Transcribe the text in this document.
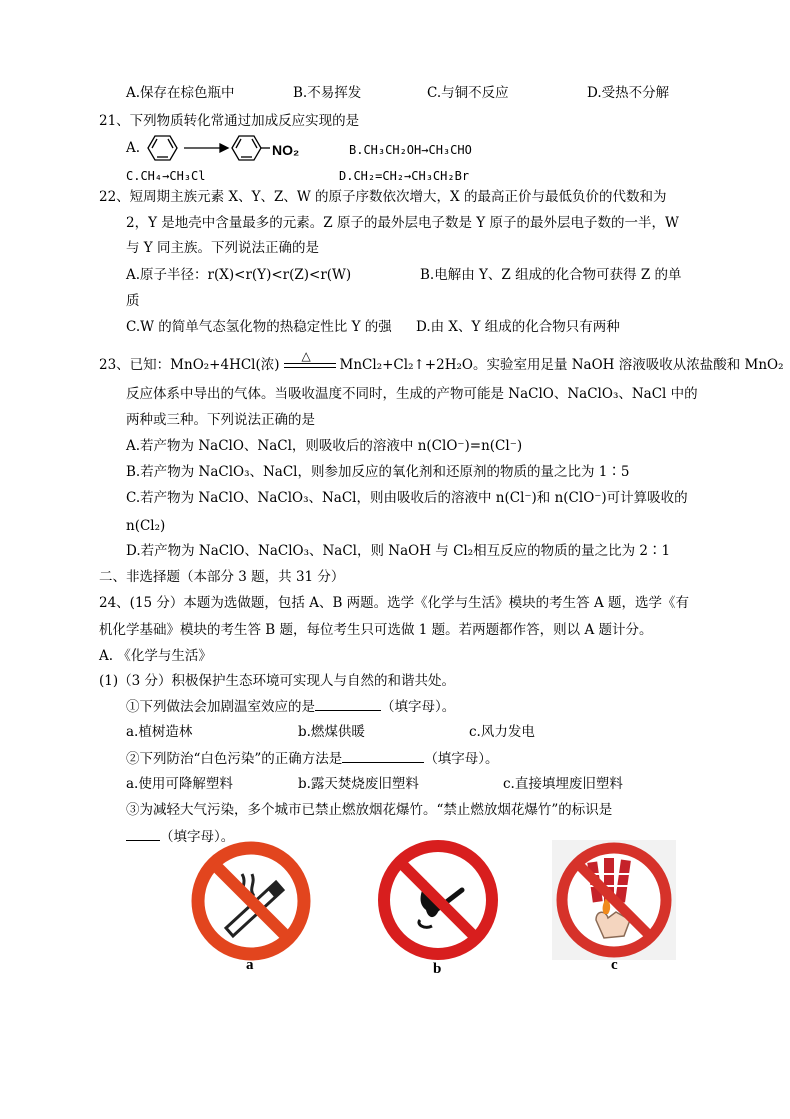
A.保存在棕色瓶中	B.不易挥发	C.与铜不反应	D.受热不分解
21、下列物质转化常通过加成反应实现的是
A.	NO₂	B.CH₃CH₂OH→CH₃CHO
C.CH₄→CH₃Cl	D.CH₂=CH₂→CH₃CH₂Br
22、短周期主族元素 X、Y、Z、W 的原子序数依次增大，X 的最高正价与最低负价的代数和为
2，Y 是地壳中含量最多的元素。Z 原子的最外层电子数是 Y 原子的最外层电子数的一半，W
与 Y 同主族。下列说法正确的是
A.原子半径：r(X)<r(Y)<r(Z)<r(W)	B.电解由 Y、Z 组成的化合物可获得 Z 的单
质
C.W 的简单气态氢化物的热稳定性比 Y 的强 D.由 X、Y 组成的化合物只有两种
23、已知：MnO₂+4HCl(浓)
△
MnCl₂+Cl₂↑+2H₂O。实验室用足量 NaOH 溶液吸收从浓盐酸和 MnO₂
反应体系中导出的气体。当吸收温度不同时，生成的产物可能是 NaClO、NaClO₃、NaCl 中的
两种或三种。下列说法正确的是
A.若产物为 NaClO、NaCl，则吸收后的溶液中 n(ClO⁻)=n(Cl⁻)
B.若产物为 NaClO₃、NaCl，则参加反应的氧化剂和还原剂的物质的量之比为 1∶5
C.若产物为 NaClO、NaClO₃、NaCl，则由吸收后的溶液中 n(Cl⁻)和 n(ClO⁻)可计算吸收的
n(Cl₂)
D.若产物为 NaClO、NaClO₃、NaCl，则 NaOH 与 Cl₂相互反应的物质的量之比为 2∶1
二、非选择题（本部分 3 题，共 31 分）
24、(15 分）本题为选做题，包括 A、B 两题。选学《化学与生活》模块的考生答 A 题，选学《有
机化学基础》模块的考生答 B 题，每位考生只可选做 1 题。若两题都作答，则以 A 题计分。
A. 《化学与生活》
(1)（3 分）积极保护生态环境可实现人与自然的和谐共处。
①下列做法会加剧温室效应的是	（填字母）。
a.植树造林	b.燃煤供暖	c.风力发电
②下列防治“白色污染”的正确方法是	（填字母）。
a.使用可降解塑料	b.露天焚烧废旧塑料	c.直接填埋废旧塑料
③为减轻大气污染，多个城市已禁止燃放烟花爆竹。“禁止燃放烟花爆竹”的标识是
（填字母）。
a	b	c
